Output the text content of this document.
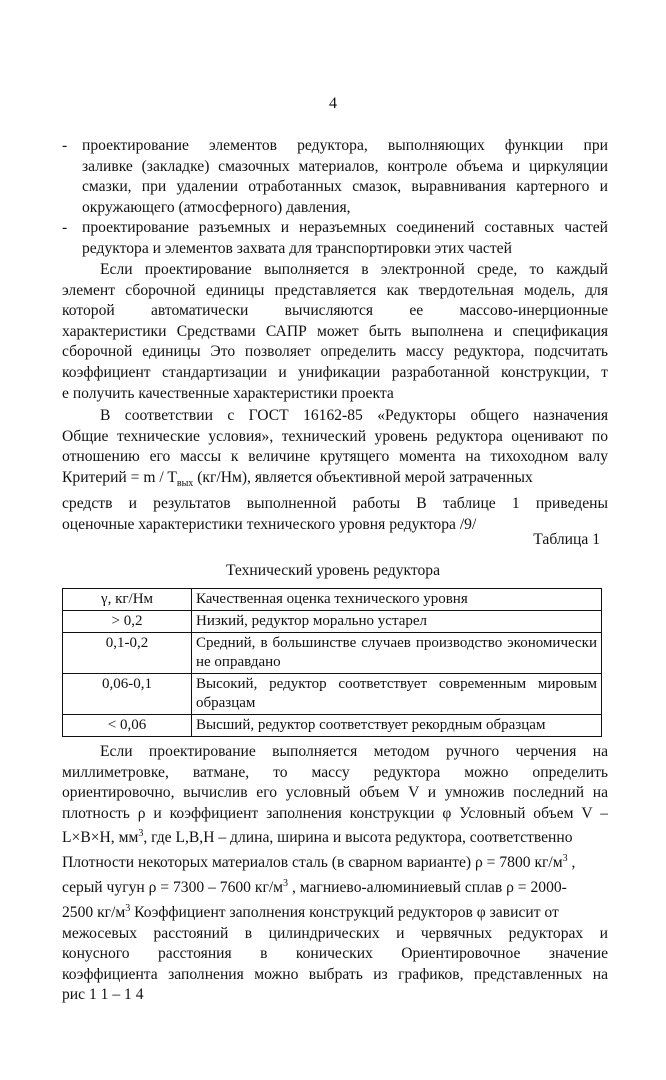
4
- проектирование элементов редуктора, выполняющих функции при
заливке (закладке) смазочных материалов, контроле объема и циркуляции
смазки, при удалении отработанных смазок, выравнивания картерного и
окружающего (атмосферного) давления,
- проектирование разъемных и неразъемных соединений составных частей
редуктора и элементов захвата для транспортировки этих частей
Если проектирование выполняется в электронной среде, то каждый
элемент сборочной единицы представляется как твердотельная модель, для
которой автоматически вычисляются ее массово-инерционные
характеристики Средствами САПР может быть выполнена и спецификация
сборочной единицы Это позволяет определить массу редуктора, подсчитать
коэффициент стандартизации и унификации разработанной конструкции, т
е получить качественные характеристики проекта
В соответствии с ГОСТ 16162-85 «Редукторы общего назначения
Общие технические условия», технический уровень редуктора оценивают по
отношению его массы к величине крутящего момента на тихоходном валу
Критерий = m / $T_{вых}$ (кг/Нм), является объективной мерой затраченных
средств и результатов выполненной работы В таблице 1 приведены
оценочные характеристики технического уровня редуктора /9/
Таблица 1
Технический уровень редуктора
γ, кг/Нм	Качественная оценка технического уровня
> 0,2	Низкий, редуктор морально устарел
0,1-0,2	Средний, в большинстве случаев производство экономически не оправдано
0,06-0,1	Высокий, редуктор соответствует современным мировым образцам
< 0,06	Высший, редуктор соответствует рекордным образцам
Если проектирование выполняется методом ручного черчения на
миллиметровке, ватмане, то массу редуктора можно определить
ориентировочно, вычислив его условный объем V и умножив последний на
плотность ρ и коэффициент заполнения конструкции φ Условный объем V –
L×B×H, $мм^3$, где L,B,H – длина, ширина и высота редуктора, соответственно
Плотности некоторых материалов сталь (в сварном варианте) ρ = 7800 $кг/м^3$ ,
серый чугун ρ = 7300 – 7600 $кг/м^3$ , магниево-алюминиевый сплав ρ = 2000-
2500 $кг/м^3$ Коэффициент заполнения конструкций редукторов φ зависит от
межосевых расстояний в цилиндрических и червячных редукторах и
конусного расстояния в конических Ориентировочное значение
коэффициента заполнения можно выбрать из графиков, представленных на
рис 1 1 – 1 4
